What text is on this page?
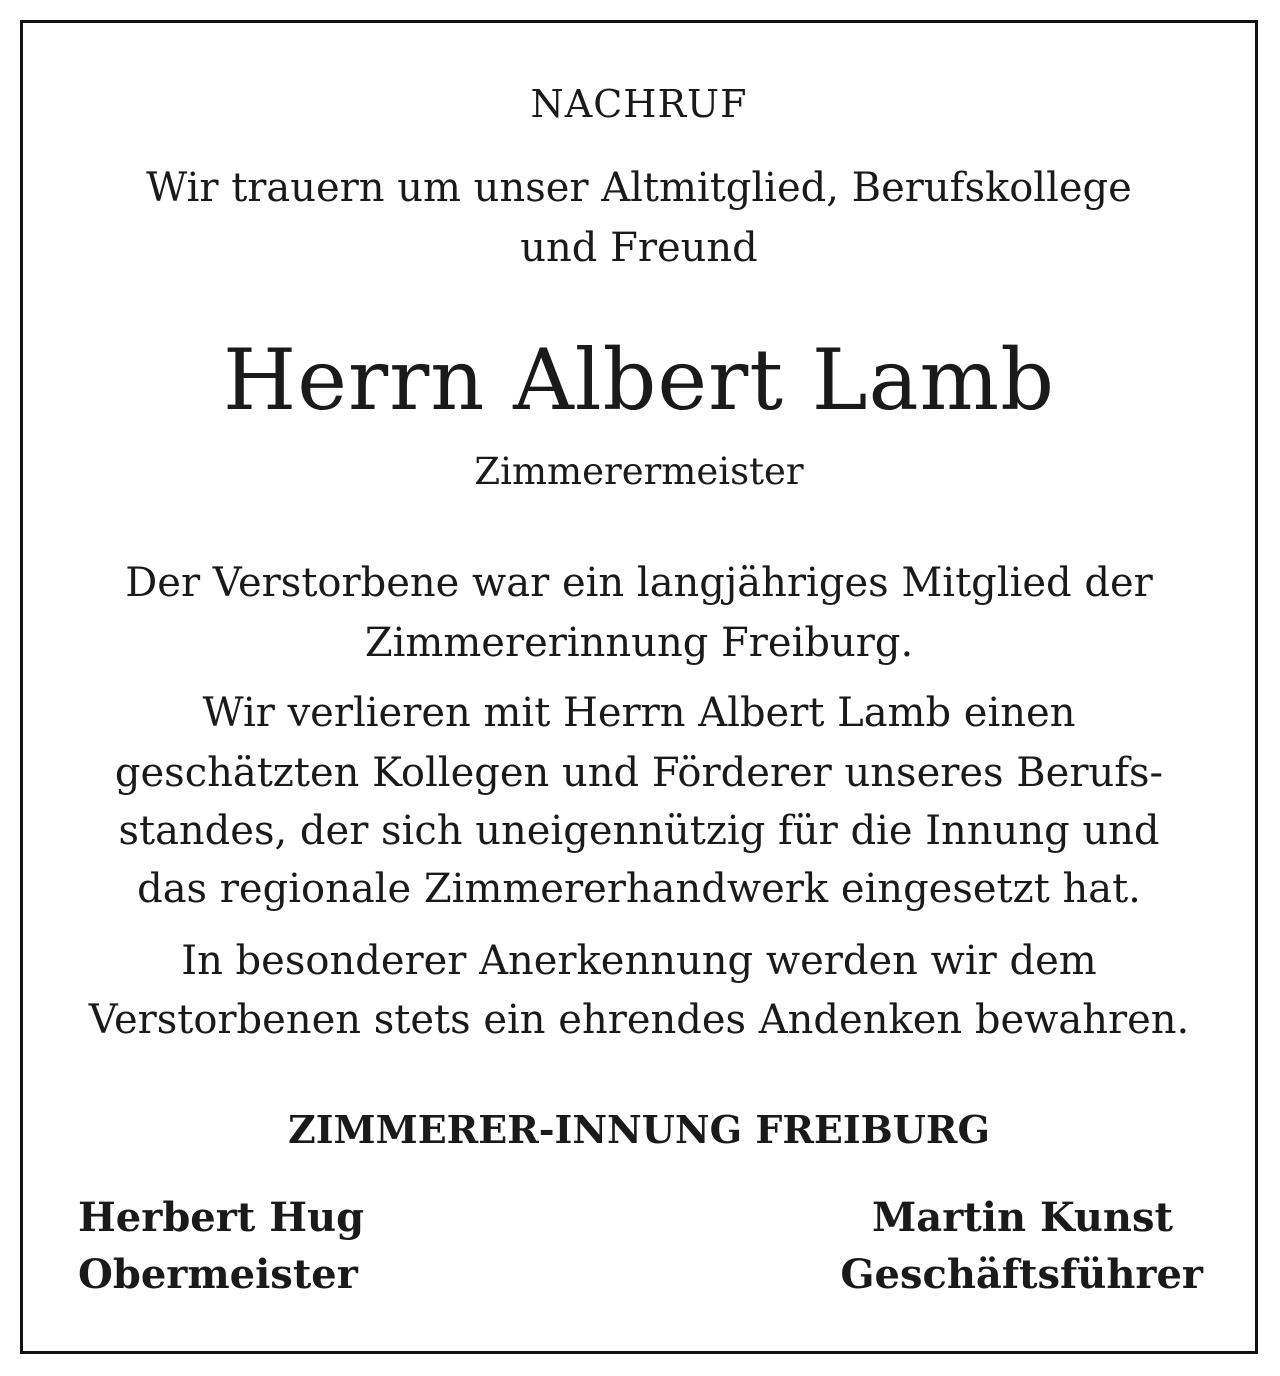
NACHRUF
Wir trauern um unser Altmitglied, Berufskollege
und Freund
Herrn Albert Lamb
Zimmerermeister
Der Verstorbene war ein langjähriges Mitglied der
Zimmererinnung Freiburg.
Wir verlieren mit Herrn Albert Lamb einen
geschätzten Kollegen und Förderer unseres Berufs-
standes, der sich uneigennützig für die Innung und
das regionale Zimmererhandwerk eingesetzt hat.
In besonderer Anerkennung werden wir dem
Verstorbenen stets ein ehrendes Andenken bewahren.
ZIMMERER-INNUNG FREIBURG
Herbert Hug
Obermeister
Martin Kunst
Geschäftsführer
